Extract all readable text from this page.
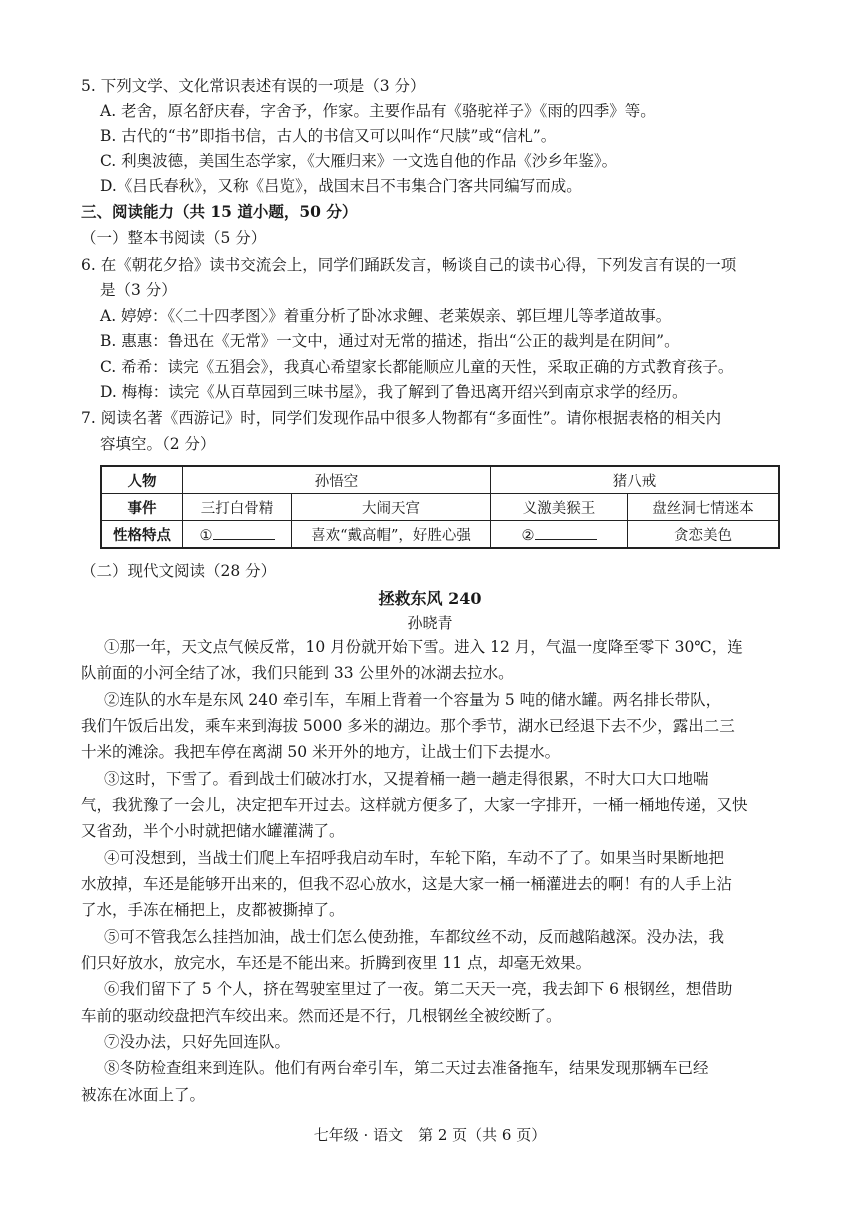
5. 下列文学、文化常识表述有误的一项是（3 分）
A. 老舍，原名舒庆春，字舍予，作家。主要作品有《骆驼祥子》《雨的四季》等。
B. 古代的“书”即指书信，古人的书信又可以叫作“尺牍”或“信札”。
C. 利奥波德，美国生态学家，《大雁归来》一文选自他的作品《沙乡年鉴》。
D.《吕氏春秋》，又称《吕览》，战国末吕不韦集合门客共同编写而成。
三、阅读能力（共 15 道小题，50 分）
（一）整本书阅读（5 分）
6. 在《朝花夕拾》读书交流会上，同学们踊跃发言，畅谈自己的读书心得，下列发言有误的一项
是（3 分）
A. 婷婷：《〈二十四孝图〉》着重分析了卧冰求鲤、老莱娱亲、郭巨埋儿等孝道故事。
B. 惠惠：鲁迅在《无常》一文中，通过对无常的描述，指出“公正的裁判是在阴间”。
C. 希希：读完《五猖会》，我真心希望家长都能顺应儿童的天性，采取正确的方式教育孩子。
D. 梅梅：读完《从百草园到三味书屋》，我了解到了鲁迅离开绍兴到南京求学的经历。
7. 阅读名著《西游记》时，同学们发现作品中很多人物都有“多面性”。请你根据表格的相关内
容填空。（2 分）
人物	孙悟空		猪八戒	
事件	三打白骨精	大闹天宫	义激美猴王	盘丝洞七情迷本
性格特点	①	喜欢“戴高帽”，好胜心强	②	贪恋美色
（二）现代文阅读（28 分）
拯救东风 240
孙晓青
①那一年，天文点气候反常，10 月份就开始下雪。进入 12 月，气温一度降至零下 30℃，连
队前面的小河全结了冰，我们只能到 33 公里外的冰湖去拉水。
②连队的水车是东风 240 牵引车，车厢上背着一个容量为 5 吨的储水罐。两名排长带队，
我们午饭后出发，乘车来到海拔 5000 多米的湖边。那个季节，湖水已经退下去不少，露出二三
十米的滩涂。我把车停在离湖 50 米开外的地方，让战士们下去提水。
③这时，下雪了。看到战士们破冰打水，又提着桶一趟一趟走得很累，不时大口大口地喘
气，我犹豫了一会儿，决定把车开过去。这样就方便多了，大家一字排开，一桶一桶地传递，又快
又省劲，半个小时就把储水罐灌满了。
④可没想到，当战士们爬上车招呼我启动车时，车轮下陷，车动不了了。如果当时果断地把
水放掉，车还是能够开出来的，但我不忍心放水，这是大家一桶一桶灌进去的啊！有的人手上沾
了水，手冻在桶把上，皮都被撕掉了。
⑤可不管我怎么挂挡加油，战士们怎么使劲推，车都纹丝不动，反而越陷越深。没办法，我
们只好放水，放完水，车还是不能出来。折腾到夜里 11 点，却毫无效果。
⑥我们留下了 5 个人，挤在驾驶室里过了一夜。第二天天一亮，我去卸下 6 根钢丝，想借助
车前的驱动绞盘把汽车绞出来。然而还是不行，几根钢丝全被绞断了。
⑦没办法，只好先回连队。
⑧冬防检查组来到连队。他们有两台牵引车，第二天过去准备拖车，结果发现那辆车已经
被冻在冰面上了。
七年级 · 语文　第 2 页（共 6 页）
